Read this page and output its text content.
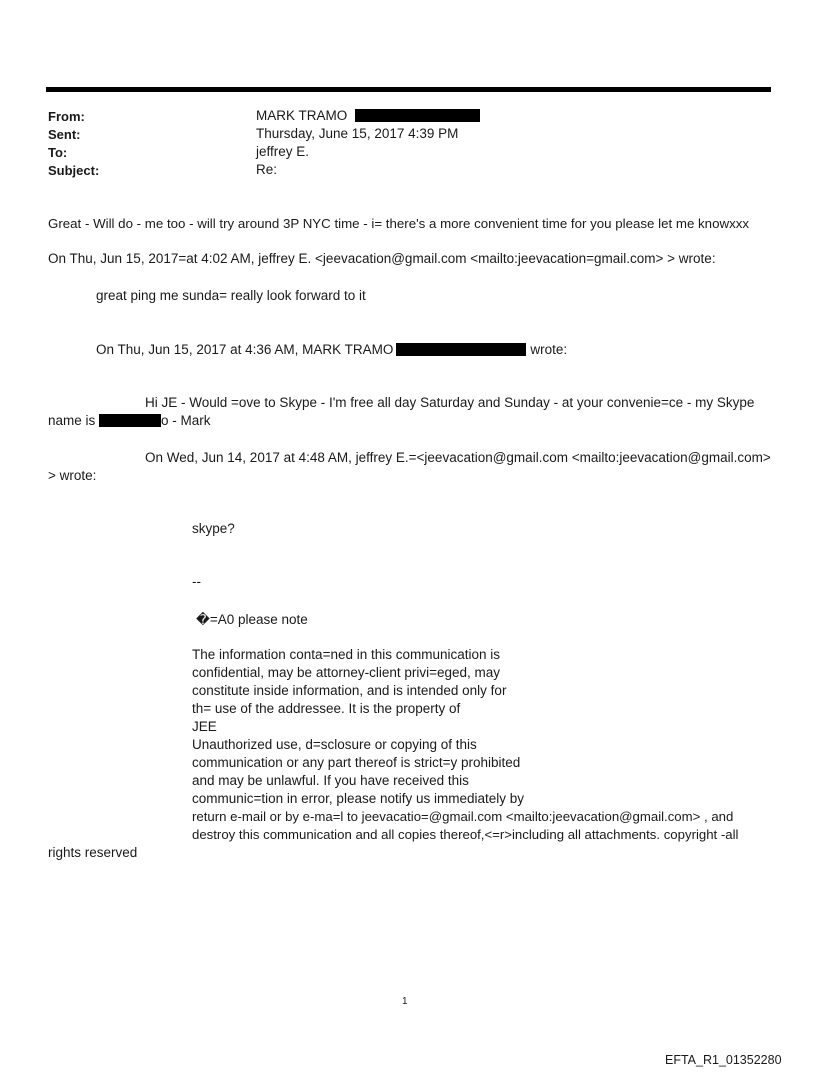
From:	MARK TRAMO
Sent:	Thursday, June 15, 2017 4:39 PM
To:	jeffrey E.
Subject:	Re:
Great - Will do - me too - will try around 3P NYC time - i= there's a more convenient time for you please let me knowxxx
On Thu, Jun 15, 2017=at 4:02 AM, jeffrey E. <jeevacation@gmail.com <mailto:jeevacation=gmail.com> > wrote:
great ping me sunda= really look forward to it
On Thu, Jun 15, 2017 at 4:36 AM, MARK TRAMO	wrote:
Hi JE - Would =ove to Skype - I'm free all day Saturday and Sunday - at your convenie=ce - my Skype
name is	o - Mark
On Wed, Jun 14, 2017 at 4:48 AM, jeffrey E.=<jeevacation@gmail.com <mailto:jeevacation@gmail.com>
> wrote:
skype?
--
�=A0 please note
The information conta=ned in this communication is
confidential, may be attorney-client privi=eged, may
constitute inside information, and is intended only for
th= use of the addressee. It is the property of
JEE
Unauthorized use, d=sclosure or copying of this
communication or any part thereof is strict=y prohibited
and may be unlawful. If you have received this
communic=tion in error, please notify us immediately by
return e-mail or by e-ma=l to jeevacatio=@gmail.com <mailto:jeevacation@gmail.com> , and
destroy this communication and all copies thereof,<=r>including all attachments. copyright -all
rights reserved
1
EFTA_R1_01352280
